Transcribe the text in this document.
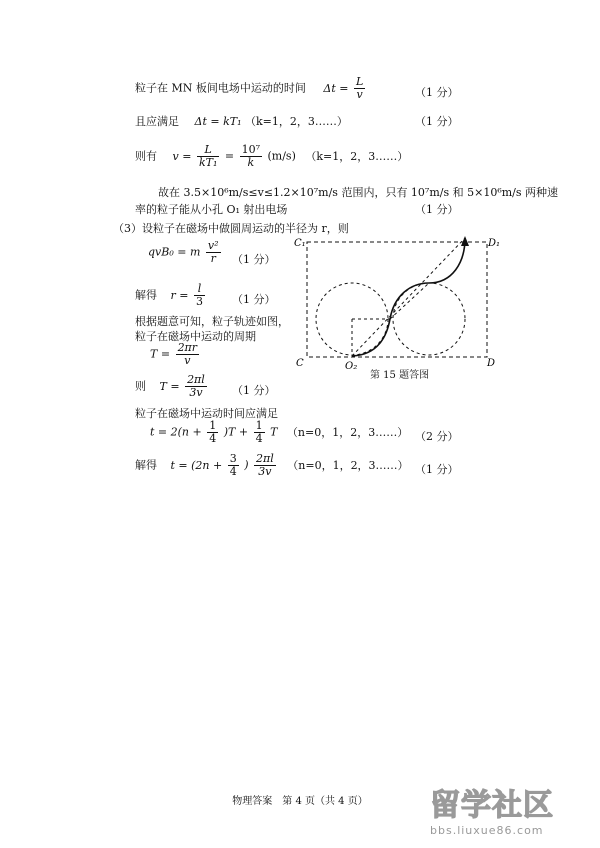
粒子在 MN 板间电场中运动的时间 $\Delta t = \frac{L}{v}$	（1 分）
且应满足 Δt = kT₁ （k=1，2，3……）	（1 分）
则有 $v = \frac{L}{\text{kT₁}} = \frac{\text{10⁷}}{k} (m/s)$ （k=1，2，3……）
故在 3.5×10⁶m/s≤v≤1.2×10⁷m/s 范围内，只有 10⁷m/s 和 5×10⁶m/s 两种速
率的粒子能从小孔 O₁ 射出电场	（1 分）
（3）设粒子在磁场中做圆周运动的半径为 r，则
qvB₀ = m $\frac{\text{v²}}{r} (1$ 分）
解得 $r = \frac{l}{3} (1$ 分）
根据题意可知，粒子轨迹如图，
粒子在磁场中运动的周期
$T = \frac{2\pi r}{v}$
则 $T = \frac{2\pi l}{3v} (1$ 分）
粒子在磁场中运动时间应满足
$t = 2(n + \frac{1}{4} )T + \frac{1}{4}$ T （n=0，1，2，3……） （2 分）
解得 $t = (2n + \frac{3}{4}$ ) $\frac{2\pi l}{3v} (n=0$，1，2，3……） （1 分）
C₁	D₁
C	D
O₂
第 15 题答图
物理答案　第 4 页（共 4 页）	留学社区
bbs.liuxue86.com
